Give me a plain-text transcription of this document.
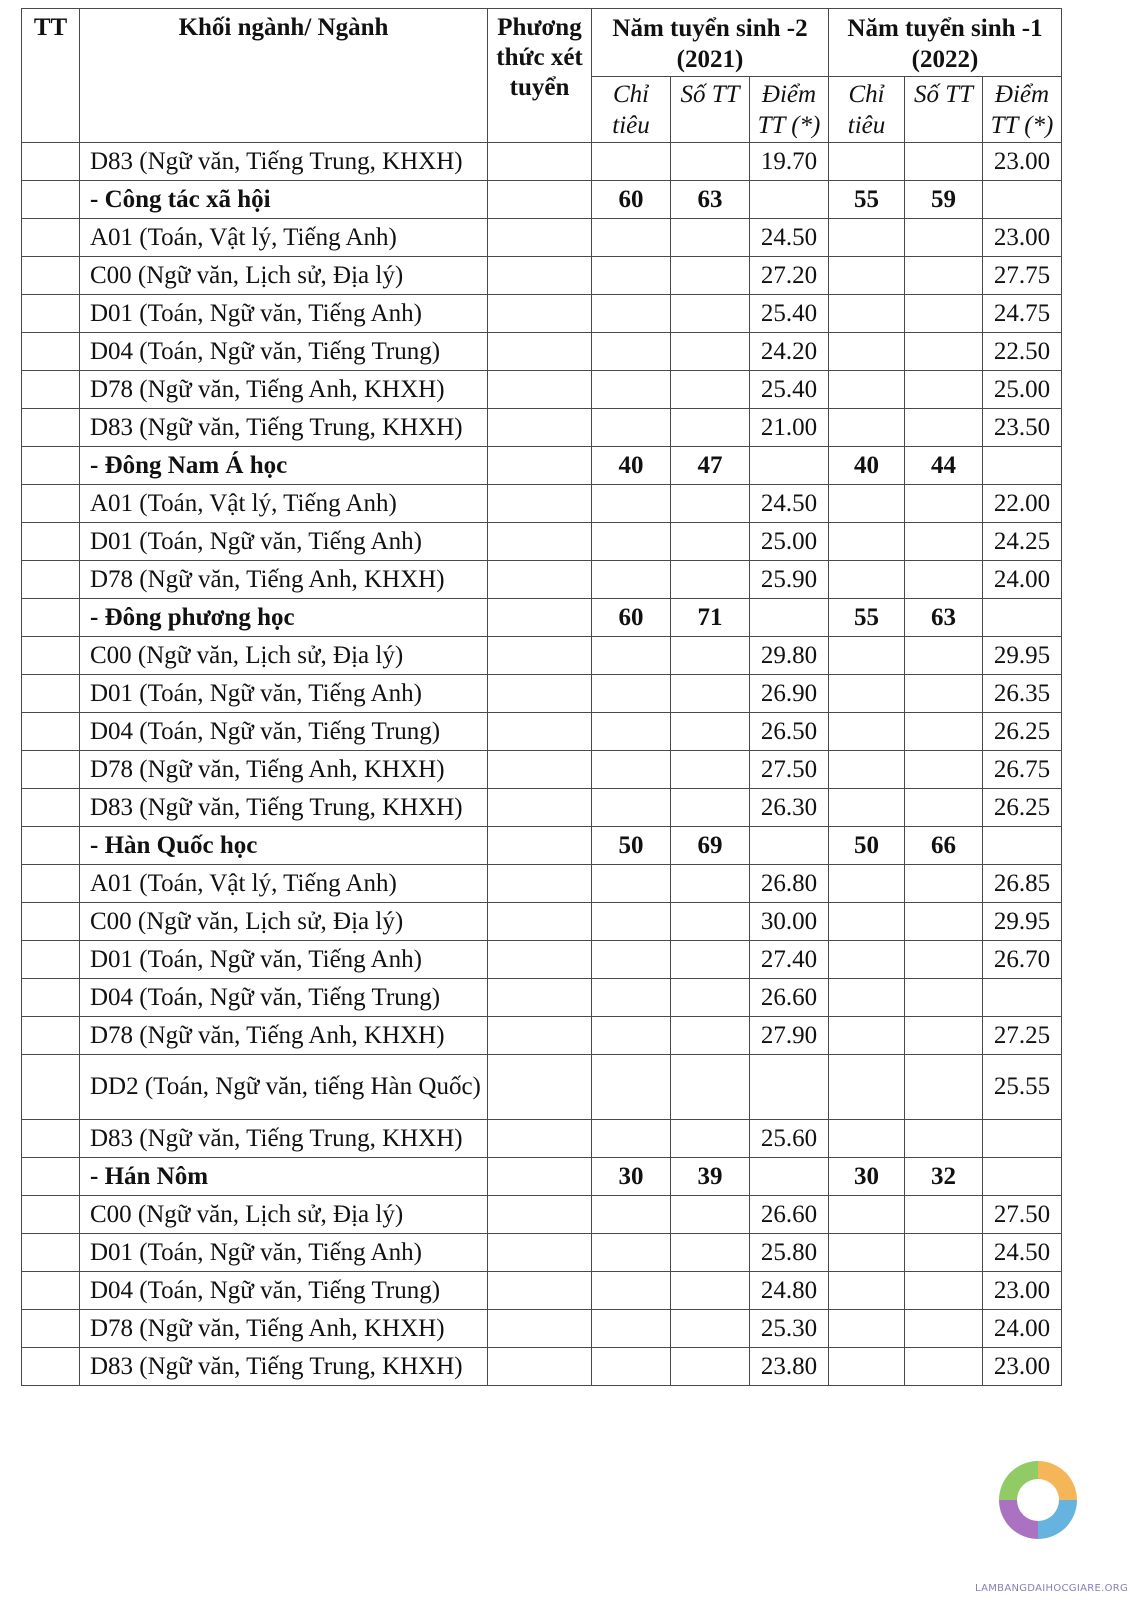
TT	Khối ngành/ Ngành	Phương thức xét tuyển	Năm tuyển sinh -2 (2021)			Năm tuyển sinh -1 (2022)		
			Chỉ tiêu	Số TT	Điểm TT (*)	Chỉ tiêu	Số TT	Điểm TT (*)
	D83 (Ngữ văn, Tiếng Trung, KHXH)				19.70			23.00
	- Công tác xã hội		60	63		55	59	
	A01 (Toán, Vật lý, Tiếng Anh)				24.50			23.00
	C00 (Ngữ văn, Lịch sử, Địa lý)				27.20			27.75
	D01 (Toán, Ngữ văn, Tiếng Anh)				25.40			24.75
	D04 (Toán, Ngữ văn, Tiếng Trung)				24.20			22.50
	D78 (Ngữ văn, Tiếng Anh, KHXH)				25.40			25.00
	D83 (Ngữ văn, Tiếng Trung, KHXH)				21.00			23.50
	- Đông Nam Á học		40	47		40	44	
	A01 (Toán, Vật lý, Tiếng Anh)				24.50			22.00
	D01 (Toán, Ngữ văn, Tiếng Anh)				25.00			24.25
	D78 (Ngữ văn, Tiếng Anh, KHXH)				25.90			24.00
	- Đông phương học		60	71		55	63	
	C00 (Ngữ văn, Lịch sử, Địa lý)				29.80			29.95
	D01 (Toán, Ngữ văn, Tiếng Anh)				26.90			26.35
	D04 (Toán, Ngữ văn, Tiếng Trung)				26.50			26.25
	D78 (Ngữ văn, Tiếng Anh, KHXH)				27.50			26.75
	D83 (Ngữ văn, Tiếng Trung, KHXH)				26.30			26.25
	- Hàn Quốc học		50	69		50	66	
	A01 (Toán, Vật lý, Tiếng Anh)				26.80			26.85
	C00 (Ngữ văn, Lịch sử, Địa lý)				30.00			29.95
	D01 (Toán, Ngữ văn, Tiếng Anh)				27.40			26.70
	D04 (Toán, Ngữ văn, Tiếng Trung)				26.60			
	D78 (Ngữ văn, Tiếng Anh, KHXH)				27.90			27.25
	DD2 (Toán, Ngữ văn, tiếng Hàn Quốc)							25.55
	D83 (Ngữ văn, Tiếng Trung, KHXH)				25.60			
	- Hán Nôm		30	39		30	32	
	C00 (Ngữ văn, Lịch sử, Địa lý)				26.60			27.50
	D01 (Toán, Ngữ văn, Tiếng Anh)				25.80			24.50
	D04 (Toán, Ngữ văn, Tiếng Trung)				24.80			23.00
	D78 (Ngữ văn, Tiếng Anh, KHXH)				25.30			24.00
	D83 (Ngữ văn, Tiếng Trung, KHXH)				23.80			23.00
LAMBANGDAIHOCGIARE.ORG
